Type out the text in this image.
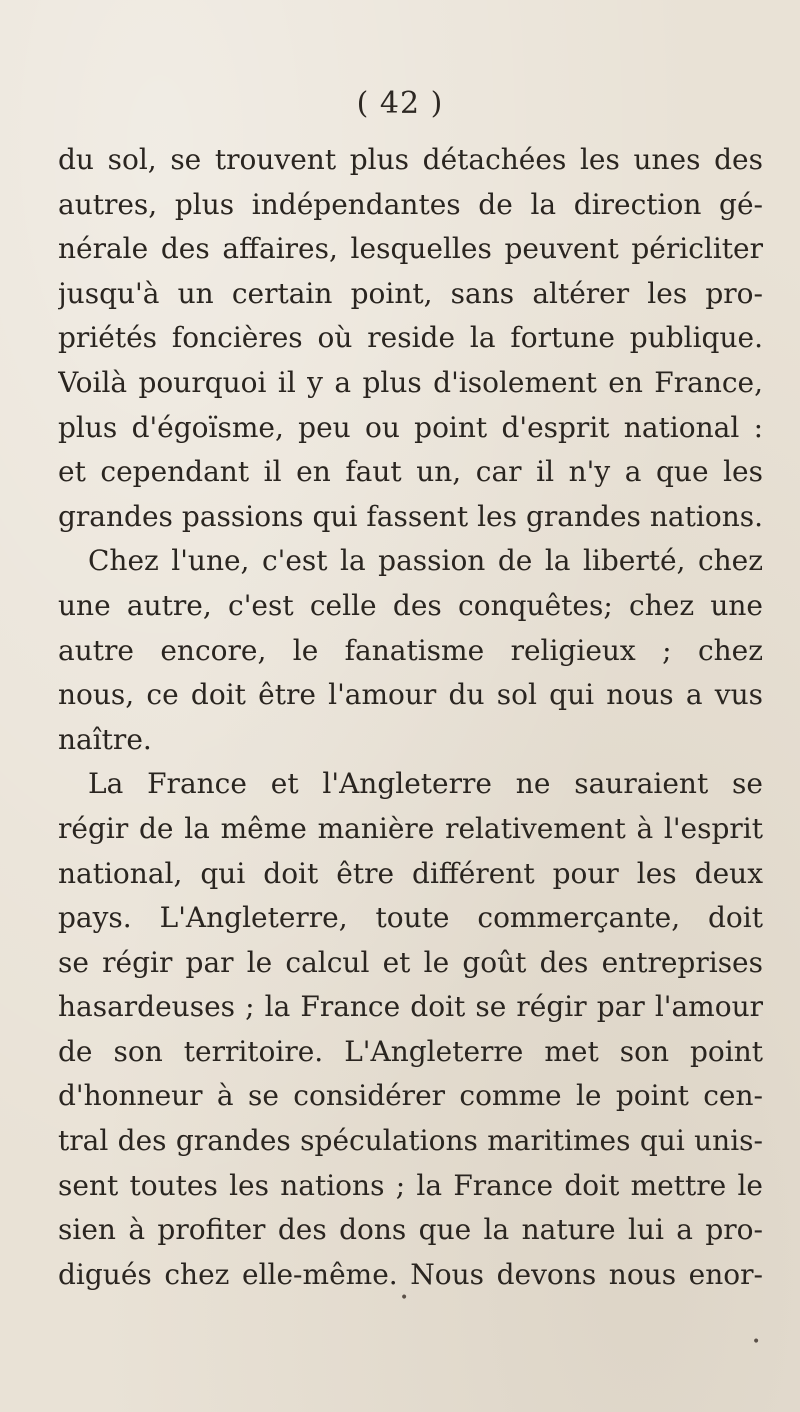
( 42 )
du sol, se trouvent plus détachées les unes des
autres, plus indépendantes de la direction gé-
nérale des affaires, lesquelles peuvent péricliter
jusqu'à un certain point, sans altérer les pro-
priétés foncières où reside la fortune publique.
Voilà pourquoi il y a plus d'isolement en France,
plus d'égoïsme, peu ou point d'esprit national :
et cependant il en faut un, car il n'y a que les
grandes passions qui fassent les grandes nations.
Chez l'une, c'est la passion de la liberté, chez
une autre, c'est celle des conquêtes; chez une
autre encore, le fanatisme religieux ; chez
nous, ce doit être l'amour du sol qui nous a vus
naître.
La France et l'Angleterre ne sauraient se
régir de la même manière relativement à l'esprit
national, qui doit être différent pour les deux
pays. L'Angleterre, toute commerçante, doit
se régir par le calcul et le goût des entreprises
hasardeuses ; la France doit se régir par l'amour
de son territoire. L'Angleterre met son point
d'honneur à se considérer comme le point cen-
tral des grandes spéculations maritimes qui unis-
sent toutes les nations ; la France doit mettre le
sien à profiter des dons que la nature lui a pro-
digués chez elle-même. Nous devons nous enor-
•
•
